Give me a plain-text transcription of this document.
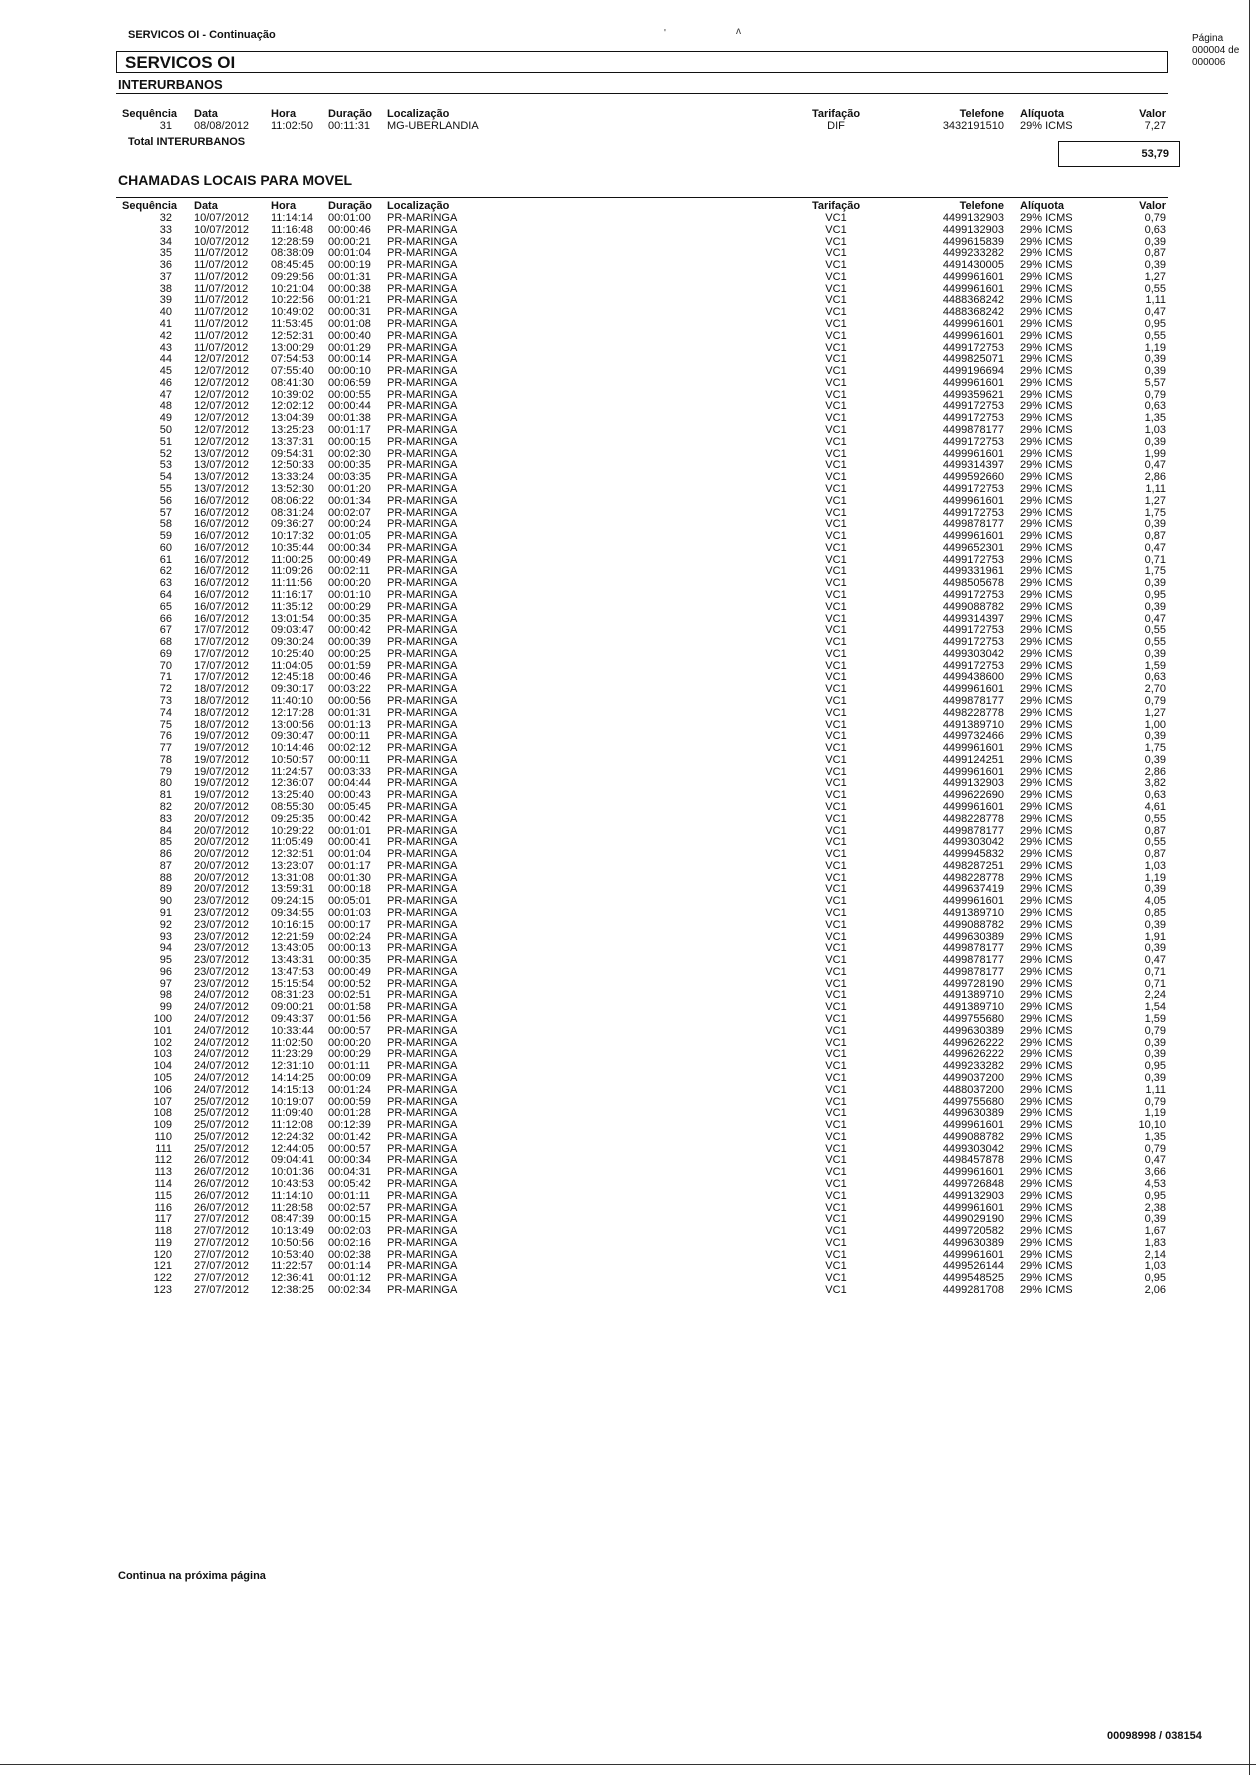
'	ʌ
SERVICOS OI - Continuação	Página
000004 de
000006
SERVICOS OI
INTERURBANOS
Sequência	Data	Hora	Duração Localização	Tarifação	Telefone Alíquota	Valor
31 08/08/2012 11:02:50 00:11:31 MG-UBERLANDIA	DIF	3432191510 29% ICMS	7,27
Total INTERURBANOS
53,79
CHAMADAS LOCAIS PARA MOVEL
Sequência	Data	Hora	Duração Localização	Tarifação	Telefone Alíquota	Valor
32 10/07/2012 11:14:14 00:01:00 PR-MARINGA	VC1	4499132903 29% ICMS	0,79
33 10/07/2012 11:16:48 00:00:46 PR-MARINGA	VC1	4499132903 29% ICMS	0,63
34 10/07/2012 12:28:59 00:00:21 PR-MARINGA	VC1	4499615839 29% ICMS	0,39
35 11/07/2012 08:38:09 00:01:04 PR-MARINGA	VC1	4499233282 29% ICMS	0,87
36 11/07/2012 08:45:45 00:00:19 PR-MARINGA	VC1	4491430005 29% ICMS	0,39
37 11/07/2012 09:29:56 00:01:31 PR-MARINGA	VC1	4499961601 29% ICMS	1,27
38 11/07/2012 10:21:04 00:00:38 PR-MARINGA	VC1	4499961601 29% ICMS	0,55
39 11/07/2012 10:22:56 00:01:21 PR-MARINGA	VC1	4488368242 29% ICMS	1,11
40 11/07/2012 10:49:02 00:00:31 PR-MARINGA	VC1	4488368242 29% ICMS	0,47
41 11/07/2012 11:53:45 00:01:08 PR-MARINGA	VC1	4499961601 29% ICMS	0,95
42 11/07/2012 12:52:31 00:00:40 PR-MARINGA	VC1	4499961601 29% ICMS	0,55
43 11/07/2012 13:00:29 00:01:29 PR-MARINGA	VC1	4499172753 29% ICMS	1,19
44 12/07/2012 07:54:53 00:00:14 PR-MARINGA	VC1	4499825071 29% ICMS	0,39
45 12/07/2012 07:55:40 00:00:10 PR-MARINGA	VC1	4499196694 29% ICMS	0,39
46 12/07/2012 08:41:30 00:06:59 PR-MARINGA	VC1	4499961601 29% ICMS	5,57
47 12/07/2012 10:39:02 00:00:55 PR-MARINGA	VC1	4499359621 29% ICMS	0,79
48 12/07/2012 12:02:12 00:00:44 PR-MARINGA	VC1	4499172753 29% ICMS	0,63
49 12/07/2012 13:04:39 00:01:38 PR-MARINGA	VC1	4499172753 29% ICMS	1,35
50 12/07/2012 13:25:23 00:01:17 PR-MARINGA	VC1	4499878177 29% ICMS	1,03
51 12/07/2012 13:37:31 00:00:15 PR-MARINGA	VC1	4499172753 29% ICMS	0,39
52 13/07/2012 09:54:31 00:02:30 PR-MARINGA	VC1	4499961601 29% ICMS	1,99
53 13/07/2012 12:50:33 00:00:35 PR-MARINGA	VC1	4499314397 29% ICMS	0,47
54 13/07/2012 13:33:24 00:03:35 PR-MARINGA	VC1	4499592660 29% ICMS	2,86
55 13/07/2012 13:52:30 00:01:20 PR-MARINGA	VC1	4499172753 29% ICMS	1,11
56 16/07/2012 08:06:22 00:01:34 PR-MARINGA	VC1	4499961601 29% ICMS	1,27
57 16/07/2012 08:31:24 00:02:07 PR-MARINGA	VC1	4499172753 29% ICMS	1,75
58 16/07/2012 09:36:27 00:00:24 PR-MARINGA	VC1	4499878177 29% ICMS	0,39
59 16/07/2012 10:17:32 00:01:05 PR-MARINGA	VC1	4499961601 29% ICMS	0,87
60 16/07/2012 10:35:44 00:00:34 PR-MARINGA	VC1	4499652301 29% ICMS	0,47
61 16/07/2012 11:00:25 00:00:49 PR-MARINGA	VC1	4499172753 29% ICMS	0,71
62 16/07/2012 11:09:26 00:02:11 PR-MARINGA	VC1	4499331961 29% ICMS	1,75
63 16/07/2012 11:11:56 00:00:20 PR-MARINGA	VC1	4498505678 29% ICMS	0,39
64 16/07/2012 11:16:17 00:01:10 PR-MARINGA	VC1	4499172753 29% ICMS	0,95
65 16/07/2012 11:35:12 00:00:29 PR-MARINGA	VC1	4499088782 29% ICMS	0,39
66 16/07/2012 13:01:54 00:00:35 PR-MARINGA	VC1	4499314397 29% ICMS	0,47
67 17/07/2012 09:03:47 00:00:42 PR-MARINGA	VC1	4499172753 29% ICMS	0,55
68 17/07/2012 09:30:24 00:00:39 PR-MARINGA	VC1	4499172753 29% ICMS	0,55
69 17/07/2012 10:25:40 00:00:25 PR-MARINGA	VC1	4499303042 29% ICMS	0,39
70 17/07/2012 11:04:05 00:01:59 PR-MARINGA	VC1	4499172753 29% ICMS	1,59
71 17/07/2012 12:45:18 00:00:46 PR-MARINGA	VC1	4499438600 29% ICMS	0,63
72 18/07/2012 09:30:17 00:03:22 PR-MARINGA	VC1	4499961601 29% ICMS	2,70
73 18/07/2012 11:40:10 00:00:56 PR-MARINGA	VC1	4499878177 29% ICMS	0,79
74 18/07/2012 12:17:28 00:01:31 PR-MARINGA	VC1	4498228778 29% ICMS	1,27
75 18/07/2012 13:00:56 00:01:13 PR-MARINGA	VC1	4491389710 29% ICMS	1,00
76 19/07/2012 09:30:47 00:00:11 PR-MARINGA	VC1	4499732466 29% ICMS	0,39
77 19/07/2012 10:14:46 00:02:12 PR-MARINGA	VC1	4499961601 29% ICMS	1,75
78 19/07/2012 10:50:57 00:00:11 PR-MARINGA	VC1	4499124251 29% ICMS	0,39
79 19/07/2012 11:24:57 00:03:33 PR-MARINGA	VC1	4499961601 29% ICMS	2,86
80 19/07/2012 12:36:07 00:04:44 PR-MARINGA	VC1	4499132903 29% ICMS	3,82
81 19/07/2012 13:25:40 00:00:43 PR-MARINGA	VC1	4499622690 29% ICMS	0,63
82 20/07/2012 08:55:30 00:05:45 PR-MARINGA	VC1	4499961601 29% ICMS	4,61
83 20/07/2012 09:25:35 00:00:42 PR-MARINGA	VC1	4498228778 29% ICMS	0,55
84 20/07/2012 10:29:22 00:01:01 PR-MARINGA	VC1	4499878177 29% ICMS	0,87
85 20/07/2012 11:05:49 00:00:41 PR-MARINGA	VC1	4499303042 29% ICMS	0,55
86 20/07/2012 12:32:51 00:01:04 PR-MARINGA	VC1	4499945832 29% ICMS	0,87
87 20/07/2012 13:23:07 00:01:17 PR-MARINGA	VC1	4498287251 29% ICMS	1,03
88 20/07/2012 13:31:08 00:01:30 PR-MARINGA	VC1	4498228778 29% ICMS	1,19
89 20/07/2012 13:59:31 00:00:18 PR-MARINGA	VC1	4499637419 29% ICMS	0,39
90 23/07/2012 09:24:15 00:05:01 PR-MARINGA	VC1	4499961601 29% ICMS	4,05
91 23/07/2012 09:34:55 00:01:03 PR-MARINGA	VC1	4491389710 29% ICMS	0,85
92 23/07/2012 10:16:15 00:00:17 PR-MARINGA	VC1	4499088782 29% ICMS	0,39
93 23/07/2012 12:21:59 00:02:24 PR-MARINGA	VC1	4499630389 29% ICMS	1,91
94 23/07/2012 13:43:05 00:00:13 PR-MARINGA	VC1	4499878177 29% ICMS	0,39
95 23/07/2012 13:43:31 00:00:35 PR-MARINGA	VC1	4499878177 29% ICMS	0,47
96 23/07/2012 13:47:53 00:00:49 PR-MARINGA	VC1	4499878177 29% ICMS	0,71
97 23/07/2012 15:15:54 00:00:52 PR-MARINGA	VC1	4499728190 29% ICMS	0,71
98 24/07/2012 08:31:23 00:02:51 PR-MARINGA	VC1	4491389710 29% ICMS	2,24
99 24/07/2012 09:00:21 00:01:58 PR-MARINGA	VC1	4491389710 29% ICMS	1,54
100 24/07/2012 09:43:37 00:01:56 PR-MARINGA	VC1	4499755680 29% ICMS	1,59
101 24/07/2012 10:33:44 00:00:57 PR-MARINGA	VC1	4499630389 29% ICMS	0,79
102 24/07/2012 11:02:50 00:00:20 PR-MARINGA	VC1	4499626222 29% ICMS	0,39
103 24/07/2012 11:23:29 00:00:29 PR-MARINGA	VC1	4499626222 29% ICMS	0,39
104 24/07/2012 12:31:10 00:01:11 PR-MARINGA	VC1	4499233282 29% ICMS	0,95
105 24/07/2012 14:14:25 00:00:09 PR-MARINGA	VC1	4499037200 29% ICMS	0,39
106 24/07/2012 14:15:13 00:01:24 PR-MARINGA	VC1	4488037200 29% ICMS	1,11
107 25/07/2012 10:19:07 00:00:59 PR-MARINGA	VC1	4499755680 29% ICMS	0,79
108 25/07/2012 11:09:40 00:01:28 PR-MARINGA	VC1	4499630389 29% ICMS	1,19
109 25/07/2012 11:12:08 00:12:39 PR-MARINGA	VC1	4499961601 29% ICMS	10,10
110 25/07/2012 12:24:32 00:01:42 PR-MARINGA	VC1	4499088782 29% ICMS	1,35
111 25/07/2012 12:44:05 00:00:57 PR-MARINGA	VC1	4499303042 29% ICMS	0,79
112 26/07/2012 09:04:41 00:00:34 PR-MARINGA	VC1	4498457878 29% ICMS	0,47
113 26/07/2012 10:01:36 00:04:31 PR-MARINGA	VC1	4499961601 29% ICMS	3,66
114 26/07/2012 10:43:53 00:05:42 PR-MARINGA	VC1	4499726848 29% ICMS	4,53
115 26/07/2012 11:14:10 00:01:11 PR-MARINGA	VC1	4499132903 29% ICMS	0,95
116 26/07/2012 11:28:58 00:02:57 PR-MARINGA	VC1	4499961601 29% ICMS	2,38
117 27/07/2012 08:47:39 00:00:15 PR-MARINGA	VC1	4499029190 29% ICMS	0,39
118 27/07/2012 10:13:49 00:02:03 PR-MARINGA	VC1	4499720582 29% ICMS	1,67
119 27/07/2012 10:50:56 00:02:16 PR-MARINGA	VC1	4499630389 29% ICMS	1,83
120 27/07/2012 10:53:40 00:02:38 PR-MARINGA	VC1	4499961601 29% ICMS	2,14
121 27/07/2012 11:22:57 00:01:14 PR-MARINGA	VC1	4499526144 29% ICMS	1,03
122 27/07/2012 12:36:41 00:01:12 PR-MARINGA	VC1	4499548525 29% ICMS	0,95
123 27/07/2012 12:38:25 00:02:34 PR-MARINGA	VC1	4499281708 29% ICMS	2,06
Continua na próxima página
00098998 / 038154
